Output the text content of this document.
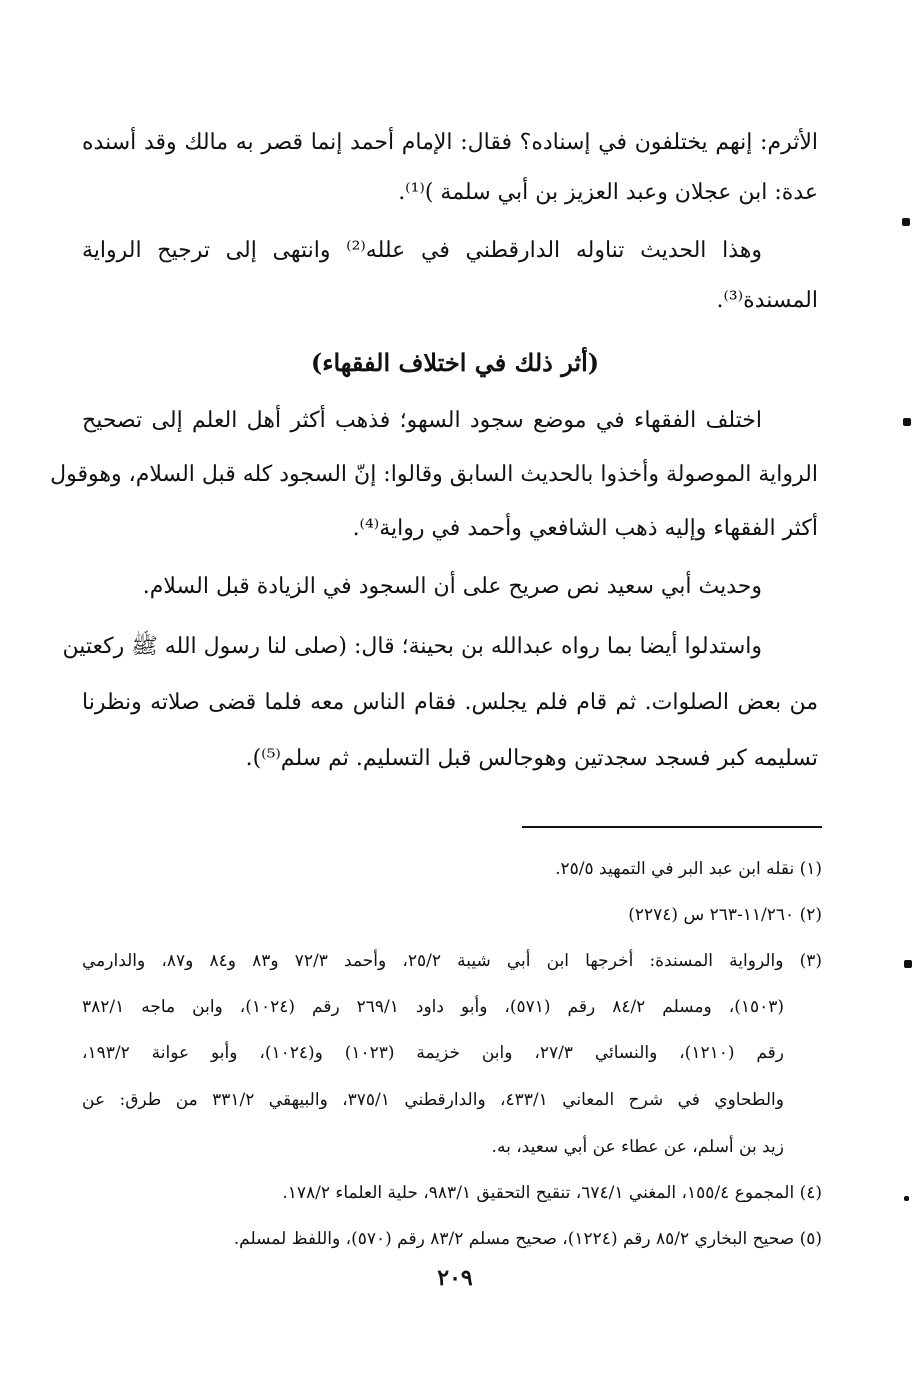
الأثرم: إنهم يختلفون في إسناده؟ فقال: الإمام أحمد إنما قصر به مالك وقد أسنده
عدة: ابن عجلان وعبد العزيز بن أبي سلمة )⁽¹⁾.
وهذا الحديث تناوله الدارقطني في علله⁽²⁾ وانتهى إلى ترجيح الرواية
المسندة⁽³⁾.
(أثر ذلك في اختلاف الفقهاء)
اختلف الفقهاء في موضع سجود السهو؛ فذهب أكثر أهل العلم إلى تصحيح
الرواية الموصولة وأخذوا بالحديث السابق وقالوا: إنّ السجود كله قبل السلام، وهوقول
أكثر الفقهاء وإليه ذهب الشافعي وأحمد في رواية⁽⁴⁾.
وحديث أبي سعيد نص صريح على أن السجود في الزيادة قبل السلام.
واستدلوا أيضا بما رواه عبدالله بن بحينة؛ قال: (صلى لنا رسول الله ﷺ ركعتين
من بعض الصلوات. ثم قام فلم يجلس. فقام الناس معه فلما قضى صلاته ونظرنا
تسليمه كبر فسجد سجدتين وهوجالس قبل التسليم. ثم سلم⁽⁵⁾).
(١) نقله ابن عبد البر في التمهيد ٢٥/٥.
(٢) ١١/٢٦٠-٢٦٣ س (٢٢٧٤)
(٣) والرواية المسندة: أخرجها ابن أبي شيبة ٢٥/٢، وأحمد ٧٢/٣ و٨٣ و٨٤ و٨٧، والدارمي
(١٥٠٣)، ومسلم ٨٤/٢ رقم (٥٧١)، وأبو داود ٢٦٩/١ رقم (١٠٢٤)، وابن ماجه ٣٨٢/١
رقم (١٢١٠)، والنسائي ٢٧/٣، وابن خزيمة (١٠٢٣) و(١٠٢٤)، وأبو عوانة ١٩٣/٢،
والطحاوي في شرح المعاني ٤٣٣/١، والدارقطني ٣٧٥/١، والبيهقي ٣٣١/٢ من طرق: عن
زيد بن أسلم، عن عطاء عن أبي سعيد، به.
(٤) المجموع ١٥٥/٤، المغني ٦٧٤/١، تنقيح التحقيق ٩٨٣/١، حلية العلماء ١٧٨/٢.
(٥) صحيح البخاري ٨٥/٢ رقم (١٢٢٤)، صحيح مسلم ٨٣/٢ رقم (٥٧٠)، واللفظ لمسلم.
٢٠٩
